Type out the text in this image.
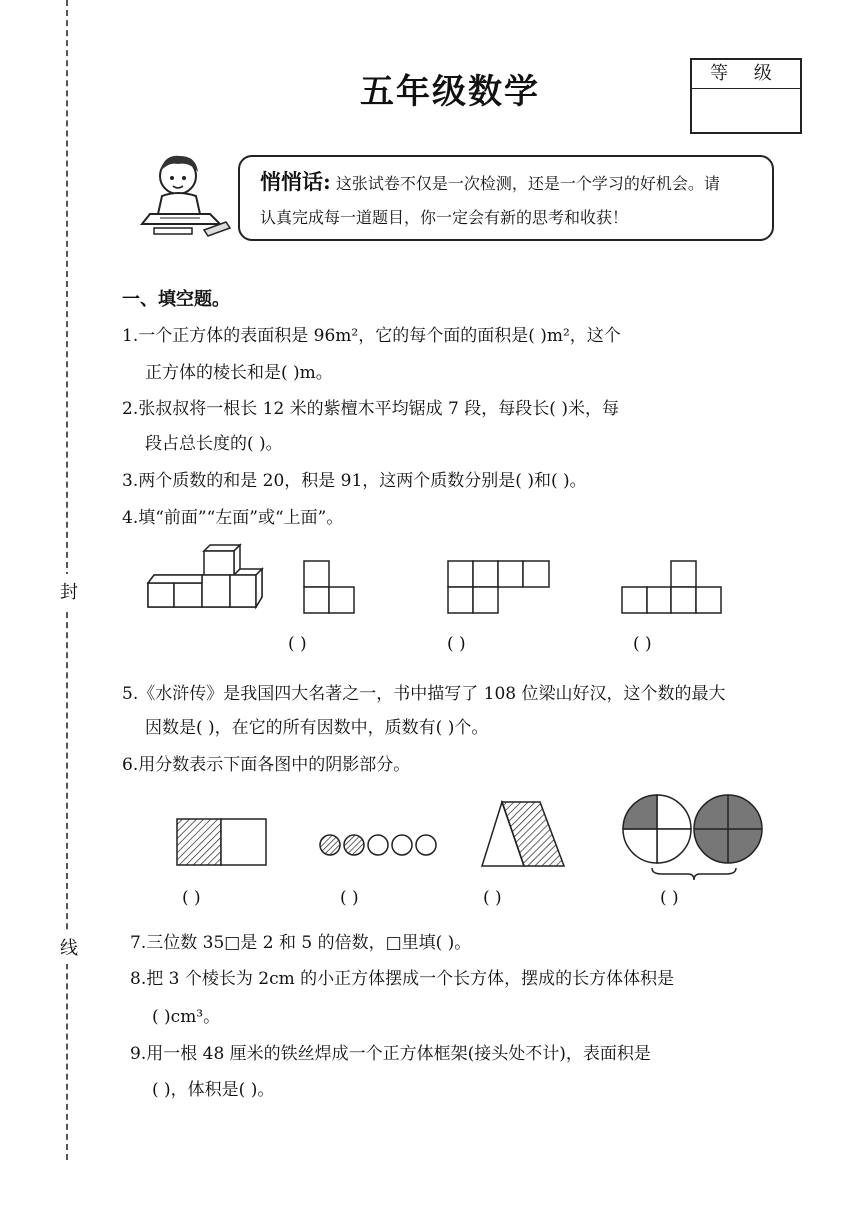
封
线
五年级数学	等 级
悄悄话: 这张试卷不仅是一次检测，还是一个学习的好机会。请
认真完成每一道题目，你一定会有新的思考和收获！
一、填空题。
1.一个正方体的表面积是 96m²，它的每个面的面积是( )m²，这个
正方体的棱长和是( )m。
2.张叔叔将一根长 12 米的紫檀木平均锯成 7 段，每段长( )米，每
段占总长度的( )。
3.两个质数的和是 20，积是 91，这两个质数分别是( )和( )。
4.填“前面”“左面”或“上面”。
( )	( )	( )
5.《水浒传》是我国四大名著之一，书中描写了 108 位梁山好汉，这个数的最大
因数是( )，在它的所有因数中，质数有( )个。
6.用分数表示下面各图中的阴影部分。
( )	( )	( )	( )
7.三位数 35□是 2 和 5 的倍数，□里填( )。
8.把 3 个棱长为 2cm 的小正方体摆成一个长方体，摆成的长方体体积是
( )cm³。
9.用一根 48 厘米的铁丝焊成一个正方体框架(接头处不计)，表面积是
( )，体积是( )。
